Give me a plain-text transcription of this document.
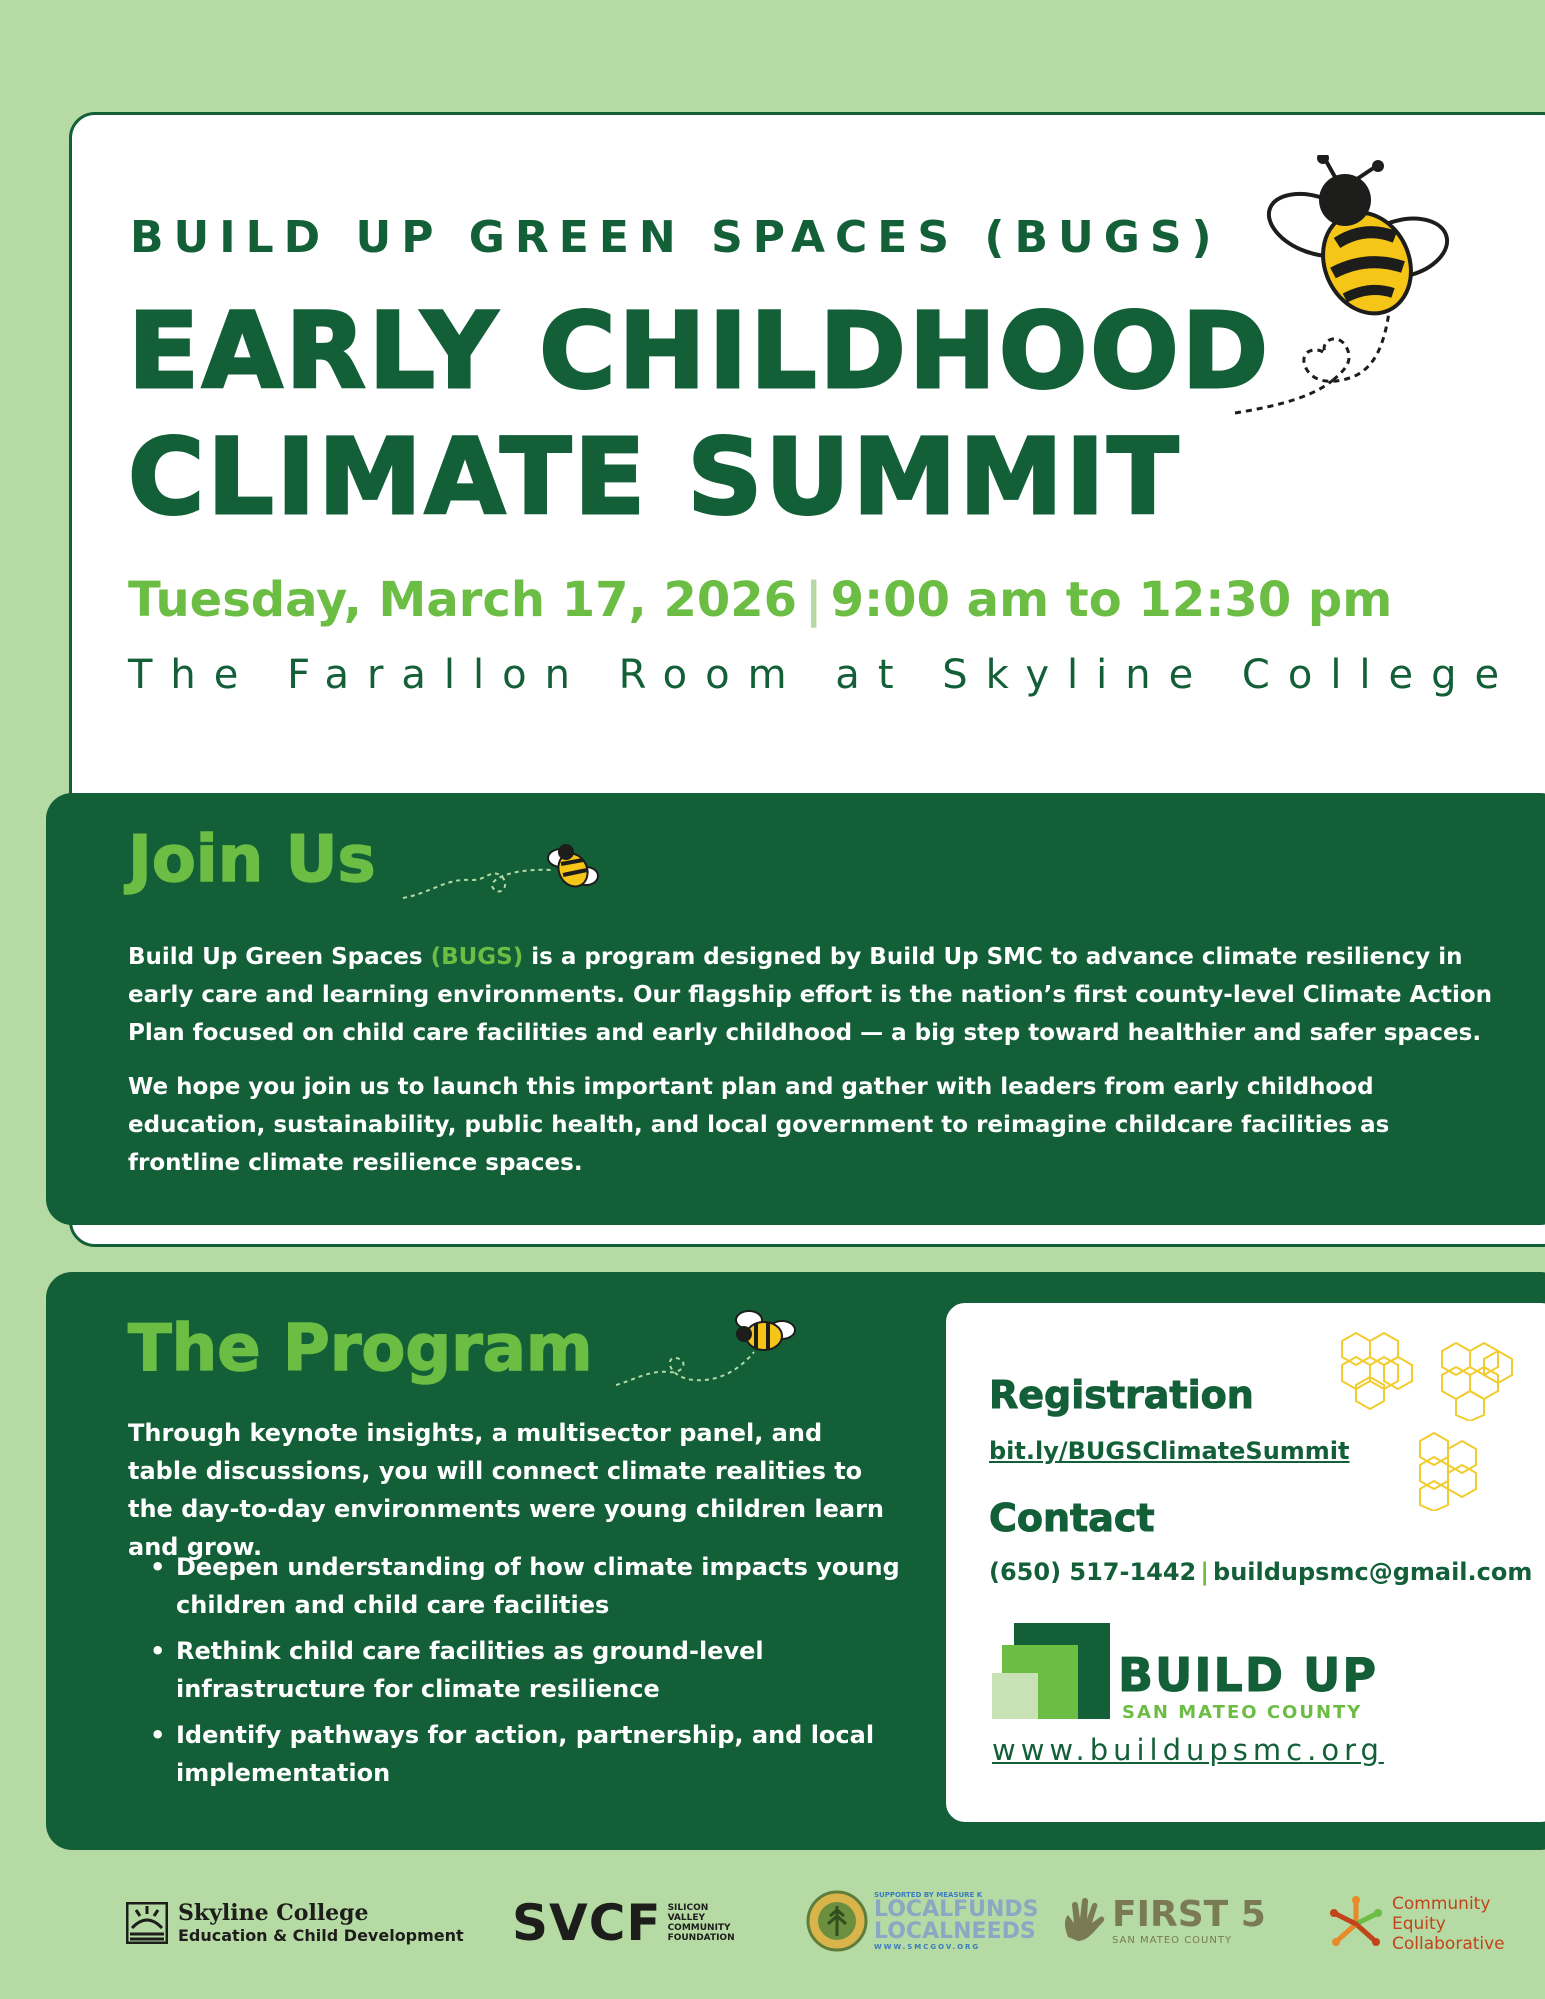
BUILD UP GREEN SPACES (BUGS)
EARLY CHILDHOOD
CLIMATE SUMMIT
Tuesday, March 17, 2026 | 9:00 am to 12:30 pm

The Farallon Room at Skyline College

Join Us

Build Up Green Spaces (BUGS) is a program designed by Build Up SMC to advance climate resiliency in early care and learning environments. Our flagship effort is the nation’s first county-level Climate Action Plan focused on child care facilities and early childhood — a big step toward healthier and safer spaces.

We hope you join us to launch this important plan and gather with leaders from early childhood education, sustainability, public health, and local government to reimagine childcare facilities as frontline climate resilience spaces.

The Program

Through keynote insights, a multisector panel, and table discussions, you will connect climate realities to the day-to-day environments were young children learn and grow.

• Deepen understanding of how climate impacts young children and child care facilities
• Rethink child care facilities as ground-level infrastructure for climate resilience
• Identify pathways for action, partnership, and local implementation
Registration
bit.ly/BUGSClimateSummit
Contact
(650) 517-1442 | buildupsmc@gmail.com

BUILD UP

SAN MATEO COUNTY

www.buildupsmc.org
Skyline College
Education & Child Development SVCF SILICON
VALLEY
COMMUNITY
FOUNDATION
SUPPORTED BY MEASURE K
LOCALFUNDS
LOCALNEEDS
WWW.SMCGOV.ORG
FIRST 5
SAN MATEO COUNTY
Community
Equity
Collaborative
